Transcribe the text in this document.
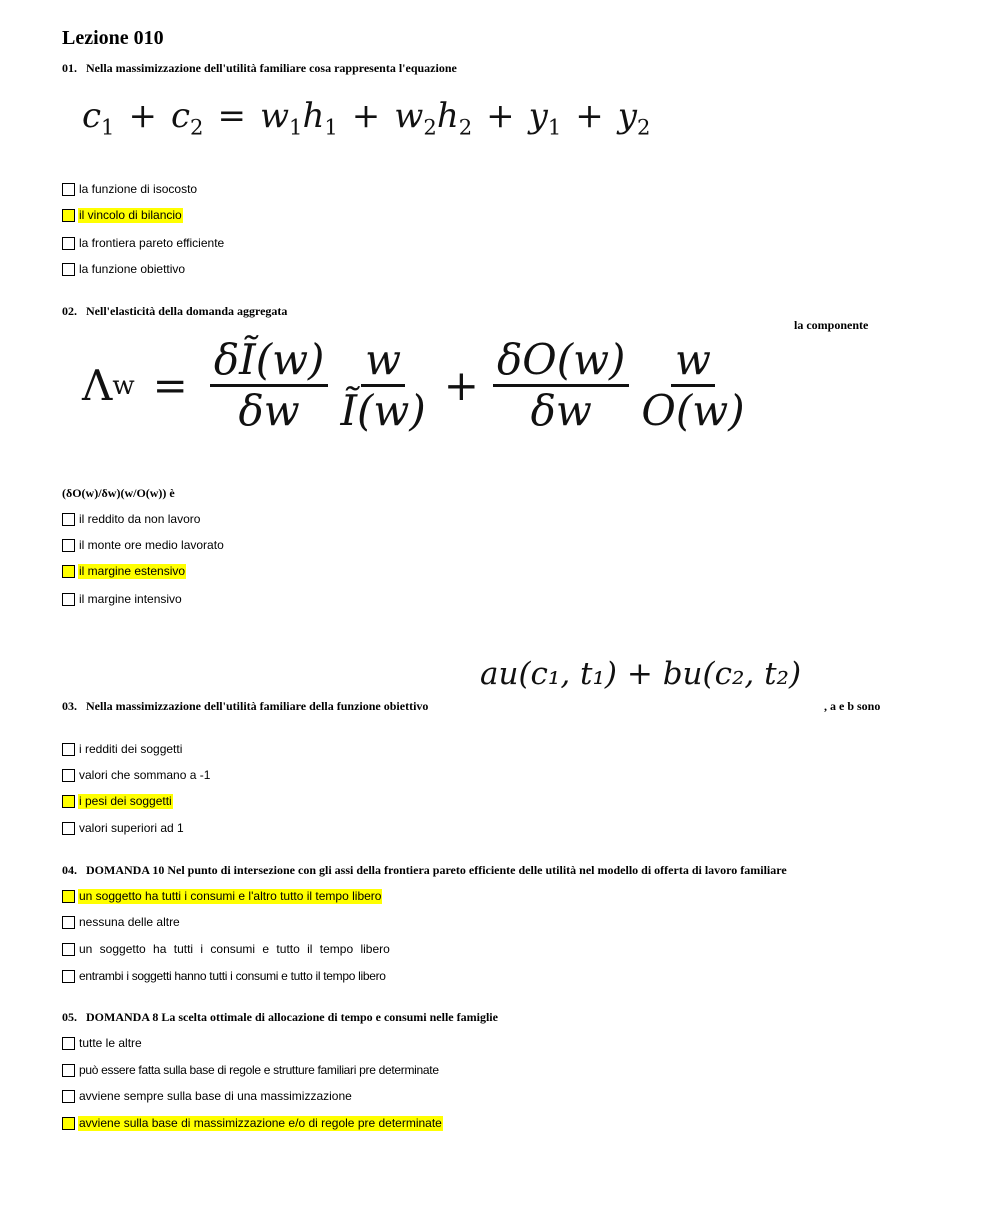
Lezione 010
01. Nella massimizzazione dell'utilità familiare cosa rappresenta l'equazione
$c_1 + c_2 = w_1h_1 + w_2h_2 + y_1 + y_2$
la funzione di isocosto
il vincolo di bilancio
la frontiera pareto efficiente
la funzione obiettivo
02. Nell'elasticità della domanda aggregata
la componente
Λ $w = \frac{\delta Ĩ(w)}{\delta w} \frac{w}{Ĩ(w)} + \frac{\delta O(w)}{\delta w} \frac{w}{O(w)}$
(δO(w)/δw)(w/O(w)) è
il reddito da non lavoro
il monte ore medio lavorato
il margine estensivo
il margine intensivo
au(c₁, t₁) + bu(c₂, t₂)
03. Nella massimizzazione dell'utilità familiare della funzione obiettivo	, a e b sono
i redditi dei soggetti
valori che sommano a -1
i pesi dei soggetti
valori superiori ad 1
04. DOMANDA 10 Nel punto di intersezione con gli assi della frontiera pareto efficiente delle utilità nel modello di offerta di lavoro familiare
un soggetto ha tutti i consumi e l'altro tutto il tempo libero
nessuna delle altre
un soggetto ha tutti i consumi e tutto il tempo libero
entrambi i soggetti hanno tutti i consumi e tutto il tempo libero
05. DOMANDA 8 La scelta ottimale di allocazione di tempo e consumi nelle famiglie
tutte le altre
può essere fatta sulla base di regole e strutture familiari pre determinate
avviene sempre sulla base di una massimizzazione
avviene sulla base di massimizzazione e/o di regole pre determinate
